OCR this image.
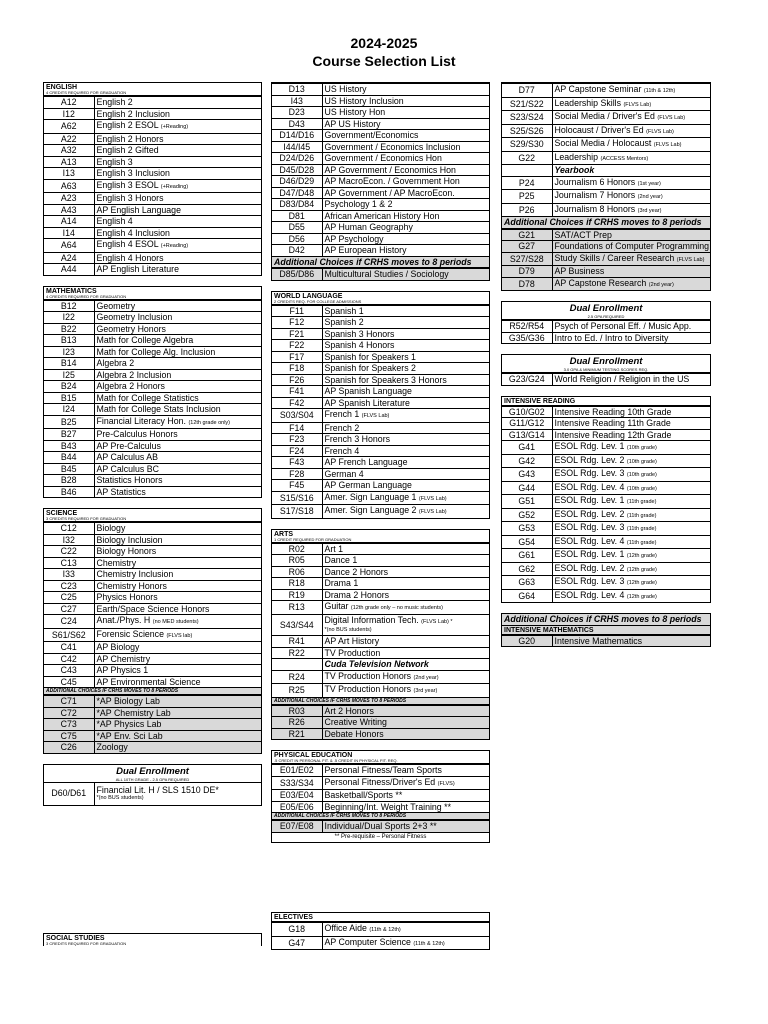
2024-2025
Course Selection List
ENGLISH
4 CREDITS REQUIRED FOR GRADUATION
A12	English 2
I12	English 2 Inclusion
A62	English 2 ESOL (+Reading)
A22	English 2 Honors
A32	English 2 Gifted
A13	English 3
I13	English 3 Inclusion
A63	English 3 ESOL (+Reading)
A23	English 3 Honors
A43	AP English Language
A14	English 4
I14	English 4 Inclusion
A64	English 4 ESOL (+Reading)
A24	English 4 Honors
A44	AP English Literature
MATHEMATICS
4 CREDITS REQUIRED FOR GRADUATION
B12	Geometry
I22	Geometry Inclusion
B22	Geometry Honors
B13	Math for College Algebra
I23	Math for College Alg. Inclusion
B14	Algebra 2
I25	Algebra 2 Inclusion
B24	Algebra 2 Honors
B15	Math for College Statistics
I24	Math for College Stats Inclusion
B25	Financial Literacy Hon. (12th grade only)
B27	Pre-Calculus Honors
B43	AP Pre-Calculus
B44	AP Calculus AB
B45	AP Calculus BC
B28	Statistics Honors
B46	AP Statistics
SCIENCE
3 CREDITS REQUIRED FOR GRADUATION
C12	Biology
I32	Biology Inclusion
C22	Biology Honors
C13	Chemistry
I33	Chemistry Inclusion
C23	Chemistry Honors
C25	Physics Honors
C27	Earth/Space Science Honors
C24	Anat./Phys. H (no MED students)
S61/S62	Forensic Science (FLVS lab)
C41	AP Biology
C42	AP Chemistry
C43	AP Physics 1
C45	AP Environmental Science
ADDITIONAL CHOICES IF CRHS MOVES TO 8 PERIODS
C71	*AP Biology Lab
C72	*AP Chemistry Lab
C73	*AP Physics Lab
C75	*AP Env. Sci Lab
C26	Zoology
Dual Enrollment
ALL 10TH GRADE - 2.5 GPA REQUIRED
D60/D61	Financial Lit. H / SLS 1510 DE*
*(no BUS students)
SOCIAL STUDIES
3 CREDITS REQUIRED FOR GRADUATION
D13	US History
I43	US History Inclusion
D23	US History Hon
D43	AP US History
D14/D16	Government/Economics
I44/I45	Government / Economics Inclusion
D24/D26	Government / Economics Hon
D45/D28	AP Government / Economics Hon
D46/D29	AP MacroEcon. / Government Hon
D47/D48	AP Government / AP MacroEcon.
D83/D84	Psychology 1 & 2
D81	African American History Hon
D55	AP Human Geography
D56	AP Psychology
D42	AP European History
Additional Choices if CRHS moves to 8 periods
D85/D86	Multicultural Studies / Sociology
WORLD LANGUAGE
2 CREDITS REQ. FOR COLLEGE ADMISSIONS
F11	Spanish 1
F12	Spanish 2
F21	Spanish 3 Honors
F22	Spanish 4 Honors
F17	Spanish for Speakers 1
F18	Spanish for Speakers 2
F26	Spanish for Speakers 3 Honors
F41	AP Spanish Language
F42	AP Spanish Literature
S03/S04	French 1 (FLVS Lab)
F14	French 2
F23	French 3 Honors
F24	French 4
F43	AP French Language
F28	German 4
F45	AP German Language
S15/S16	Amer. Sign Language 1 (FLVS Lab)
S17/S18	Amer. Sign Language 2 (FLVS Lab)
ARTS
1 CREDIT REQUIRED FOR GRADUATION
R02	Art 1
R05	Dance 1
R06	Dance 2 Honors
R18	Drama 1
R19	Drama 2 Honors
R13	Guitar (12th grade only – no music students)
S43/S44	Digital Information Tech. (FLVS Lab) *
*(no BUS students)
R41	AP Art History
R22	TV Production
	Cuda Television Network
R24	TV Production Honors (2nd year)
R25	TV Production Honors (3rd year)
ADDITIONAL CHOICES IF CRHS MOVES TO 8 PERIODS
R03	Art 2 Honors
R26	Creative Writing
R21	Debate Honors
PHYSICAL EDUCATION
.5 CREDIT IN PERSONAL FIT. & .5 CREDIT IN PHYSICAL FIT. REQ.
E01/E02	Personal Fitness/Team Sports
S33/S34	Personal Fitness/Driver's Ed (FLVS)
E03/E04	Basketball/Sports **
E05/E06	Beginning/Int. Weight Training **
ADDITIONAL CHOICES IF CRHS MOVES TO 8 PERIODS
E07/E08	Individual/Dual Sports 2+3 **
** Pre-requisite – Personal Fitness
ELECTIVES
G18	Office Aide (11th & 12th)
G47	AP Computer Science (11th & 12th)
D77	AP Capstone Seminar (11th & 12th)
S21/S22	Leadership Skills (FLVS Lab)
S23/S24	Social Media / Driver's Ed (FLVS Lab)
S25/S26	Holocaust / Driver's Ed (FLVS Lab)
S29/S30	Social Media / Holocaust (FLVS Lab)
G22	Leadership (ACCESS Mentors)
	Yearbook
P24	Journalism 6 Honors (1st year)
P25	Journalism 7 Honors (2nd year)
P26	Journalism 8 Honors (3rd year)
Additional Choices if CRHS moves to 8 periods
G21	SAT/ACT Prep
G27	Foundations of Computer Programming
S27/S28	Study Skills / Career Research (FLVS Lab)
D79	AP Business
D78	AP Capstone Research (2nd year)
Dual Enrollment
2.5 GPA REQUIRED
R52/R54	Psych of Personal Eff. / Music App.
G35/G36	Intro to Ed. / Intro to Diversity
Dual Enrollment
3.0 GPA & MINIMUM TESTING SCORES REQ.
G23/G24	World Religion / Religion in the US
INTENSIVE READING
G10/G02	Intensive Reading 10th Grade
G11/G12	Intensive Reading 11th Grade
G13/G14	Intensive Reading 12th Grade
G41	ESOL Rdg. Lev. 1 (10th grade)
G42	ESOL Rdg. Lev. 2 (10th grade)
G43	ESOL Rdg. Lev. 3 (10th grade)
G44	ESOL Rdg. Lev. 4 (10th grade)
G51	ESOL Rdg. Lev. 1 (11th grade)
G52	ESOL Rdg. Lev. 2 (11th grade)
G53	ESOL Rdg. Lev. 3 (11th grade)
G54	ESOL Rdg. Lev. 4 (11th grade)
G61	ESOL Rdg. Lev. 1 (12th grade)
G62	ESOL Rdg. Lev. 2 (12th grade)
G63	ESOL Rdg. Lev. 3 (12th grade)
G64	ESOL Rdg. Lev. 4 (12th grade)
Additional Choices if CRHS moves to 8 periods
INTENSIVE MATHEMATICS
G20	Intensive Mathematics
